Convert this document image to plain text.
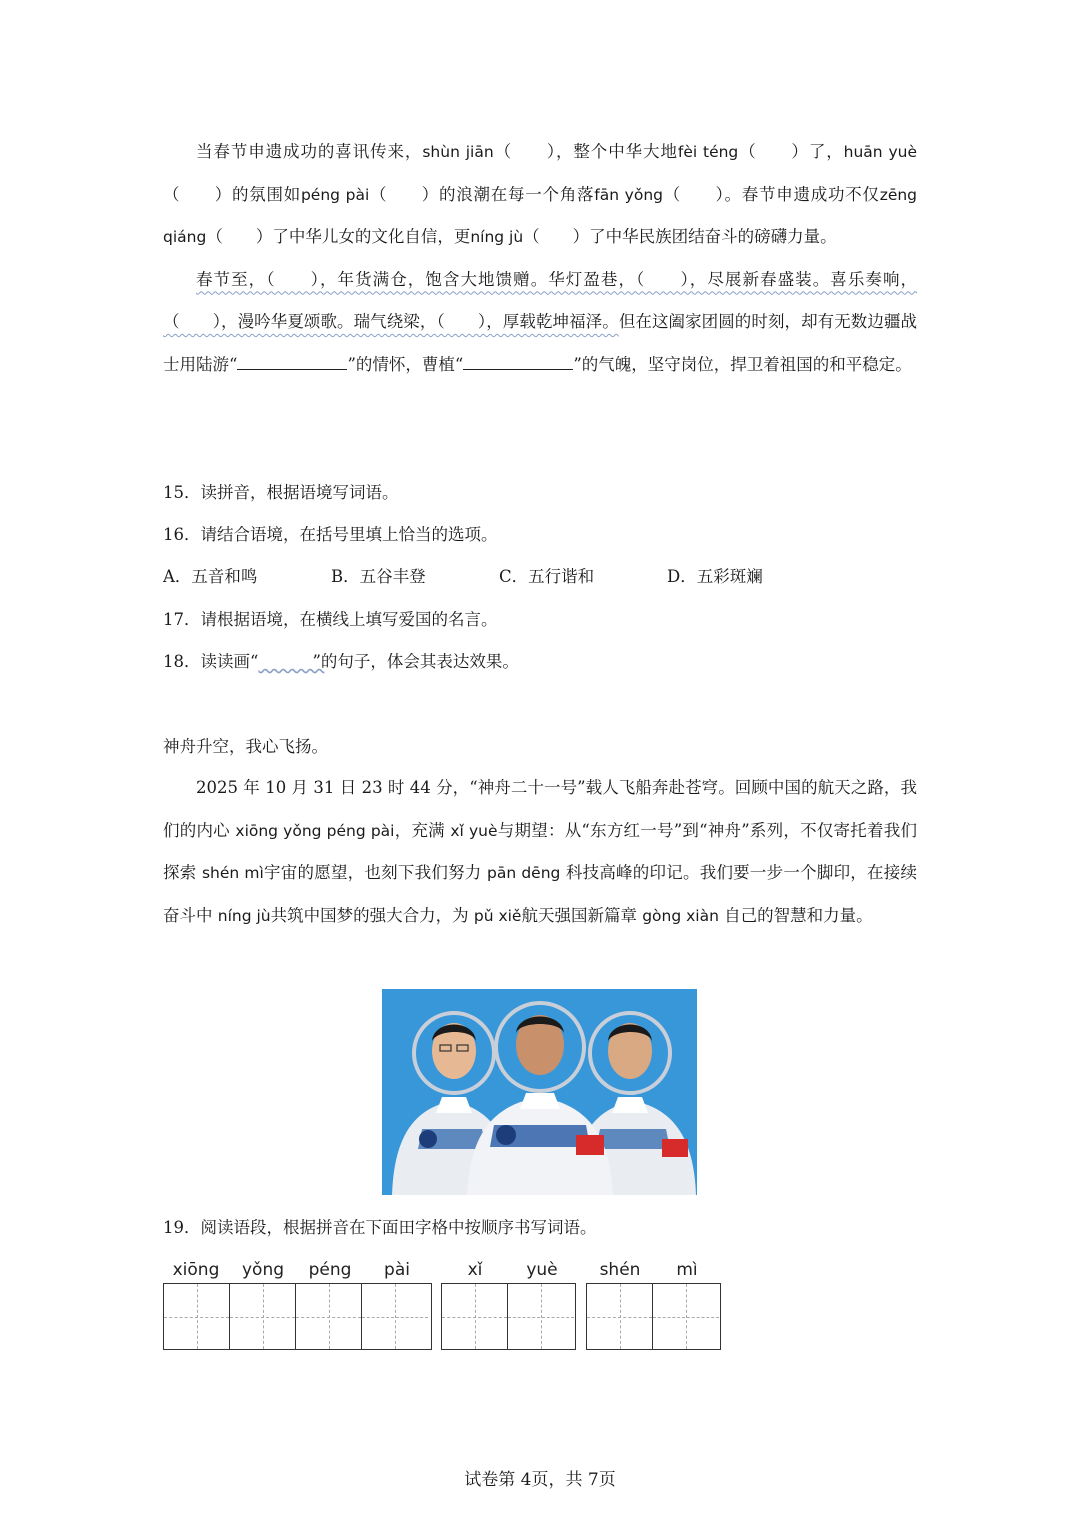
当春节申遗成功的喜讯传来，shùn jiān（　　），整个中华大地fèi téng（　　）了，huān yuè（　　）的氛围如péng pài（　　）的浪潮在每一个角落fān yǒng（　　）。春节申遗成功不仅zēng qiáng（　　）了中华儿女的文化自信，更níng jù（　　）了中华民族团结奋斗的磅礴力量。

春节至，（　　），年货满仓，饱含大地馈赠。华灯盈巷，（　　），尽展新春盛装。喜乐奏响，（　　），漫吟华夏颂歌。瑞气绕梁，（　　），厚载乾坤福泽。但在这阖家团圆的时刻，却有无数边疆战士用陆游“	”的情怀，曹植“	”的气魄，坚守岗位，捍卫着祖国的和平稳定。

15．读拼音，根据语境写词语。
16．请结合语境，在括号里填上恰当的选项。
A．五音和鸣	B．五谷丰登	C．五行谐和	D．五彩斑斓
17．请根据语境，在横线上填写爱国的名言。
18．读读画“​　　　　”的句子，体会其表达效果。
神舟升空，我心飞扬。

2025 年 10 月 31 日 23 时 44 分，“神舟二十一号”载人飞船奔赴苍穹。回顾中国的航天之路，我们的内心 xiōng yǒng péng pài，充满 xǐ yuè与期望：从“东方红一号”到“神舟”系列，不仅寄托着我们探索 shén mì宇宙的愿望，也刻下我们努力 pān dēng 科技高峰的印记。我们要一步一个脚印，在接续奋斗中 níng jù共筑中国梦的强大合力，为 pǔ xiě航天强国新篇章 gòng xiàn 自己的智慧和力量。

19．阅读语段，根据拼音在下面田字格中按顺序书写词语。
xiōng	yǒng	péng	pài	xǐ	yuè	shén	mì
试卷第 4页，共 7页
